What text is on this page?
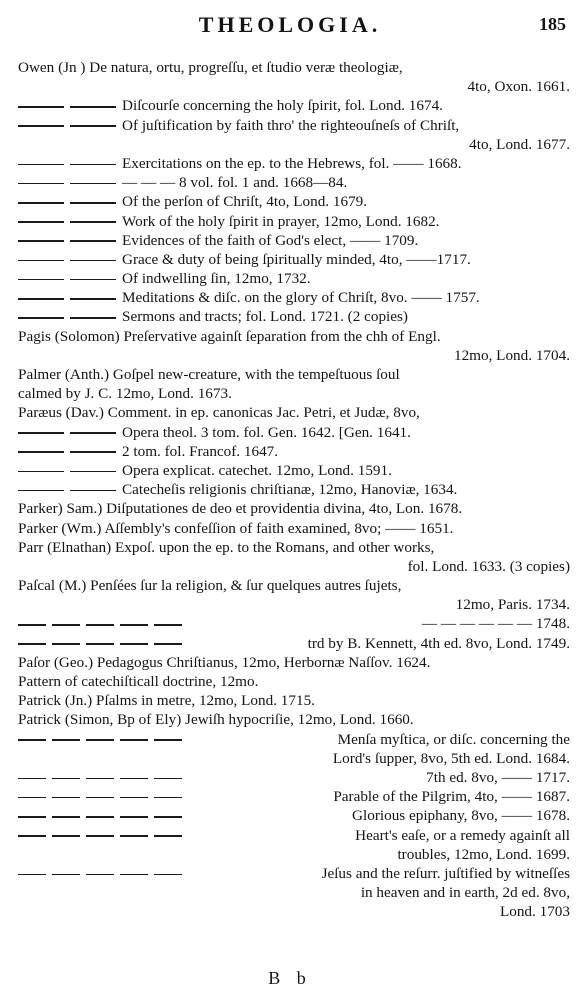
THEOLOGIA.	185
Owen (Jn ) De natura, ortu, progreſſu, et ſtudio veræ theologiæ,
4to, Oxon. 1661.
Diſcourſe concerning the holy ſpirit, fol. Lond. 1674.
Of juſtification by faith thro' the righteouſneſs of Chriſt,
4to, Lond. 1677.
Exercitations on the ep. to the Hebrews, fol. —— 1668.
— — — 8 vol. fol. 1 and. 1668—84.
Of the perſon of Chriſt, 4to, Lond. 1679.
Work of the holy ſpirit in prayer, 12mo, Lond. 1682.
Evidences of the faith of God's elect, —— 1709.
Grace & duty of being ſpiritually minded, 4to, ——1717.
Of indwelling ſin, 12mo, 1732.
Meditations & diſc. on the glory of Chriſt, 8vo. —— 1757.
Sermons and tracts; fol. Lond. 1721. (2 copies)
Pagis (Solomon) Preſervative againſt ſeparation from the chh of Engl.
12mo, Lond. 1704.
Palmer (Anth.) Goſpel new-creature, with the tempeſtuous ſoul
calmed by J. C. 12mo, Lond. 1673.
Paræus (Dav.) Comment. in ep. canonicas Jac. Petri, et Judæ, 8vo,
Opera theol. 3 tom. fol. Gen. 1642. [Gen. 1641.
2 tom. fol. Francof. 1647.
Opera explicat. catechet. 12mo, Lond. 1591.
Catecheſis religionis chriſtianæ, 12mo, Hanoviæ, 1634.
Parker) Sam.) Diſputationes de deo et providentia divina, 4to, Lon. 1678.
Parker (Wm.) Aſſembly's confeſſion of faith examined, 8vo; —— 1651.
Parr (Elnathan) Expoſ. upon the ep. to the Romans, and other works,
fol. Lond. 1633. (3 copies)
Paſcal (M.) Penſées ſur la religion, & ſur quelques autres ſujets,
12mo, Paris. 1734.
— — — — — — 1748.
trd by B. Kennett, 4th ed. 8vo, Lond. 1749.
Paſor (Geo.) Pedagogus Chriſtianus, 12mo, Herbornæ Naſſov. 1624.
Pattern of catechiſticall doctrine, 12mo.
Patrick (Jn.) Pſalms in metre, 12mo, Lond. 1715.
Patrick (Simon, Bp of Ely) Jewiſh hypocriſie, 12mo, Lond. 1660.
Menſa myſtica, or diſc. concerning the
Lord's ſupper, 8vo, 5th ed. Lond. 1684.
7th ed. 8vo, —— 1717.
Parable of the Pilgrim, 4to, —— 1687.
Glorious epiphany, 8vo, —— 1678.
Heart's eaſe, or a remedy againſt all
troubles, 12mo, Lond. 1699.
Jeſus and the reſurr. juſtified by witneſſes
in heaven and in earth, 2d ed. 8vo,
Lond. 1703
B b
